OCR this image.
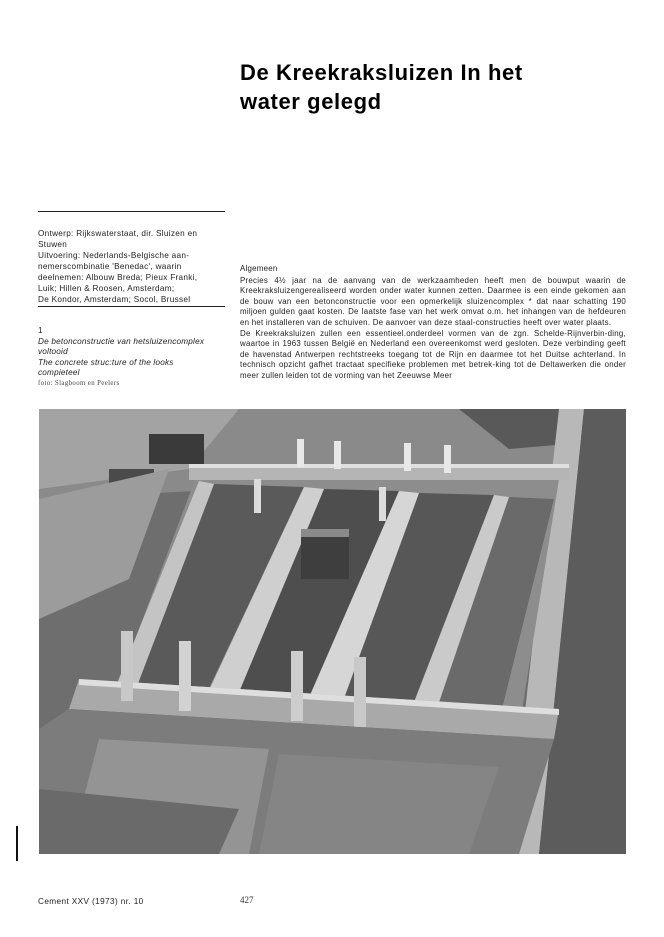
De Kreekraksluizen In het
water gelegd
Ontwerp: Rijkswaterstaat, dir. Sluizen en
Stuwen
Uitvoering: Nederlands-Belgische aan-
nemerscombinatie 'Benedac', waarin
deelnemen: Albouw Breda; Pieux Franki,
Luik; Hillen & Roosen, Amsterdam;
De Kondor, Amsterdam; Socol, Brussel
1
De betonconstructie van hetsluizencomplex voltooid
The concrete struc:ture of the looks compieteel
foto: Slagboom en Peelers

Algemeen

Precies 4½ jaar na de aanvang van de werkzaamheden heeft men de bouwput waarin de Kreekraksluizengerealiseerd worden onder water kunnen zetten. Daarmee is een einde gekomen aan de bouw van een betonconstructie voor een opmerkelijk sluizencomplex * dat naar schatting 190 miljoen gulden gaat kosten. De laatste fase van het werk omvat o.m. het inhangen van de hefdeuren en het installeren van de schuiven. De aanvoer van deze staal-constructies heeft over water plaats.

De Kreekraksluizen zullen een essentieel.onderdeel vormen van de zgn. Schelde-Rijnverbin-ding, waartoe in 1963 tussen België en Nederland een overeenkomst werd gesloten. Deze verbinding geeft de havenstad Antwerpen rechtstreeks toegang tot de Rijn en daarmee tot het Duitse achterland. In technisch opzicht gafhet tractaat specifieke problemen met betrek-king tot de Deltawerken die onder meer zullen leiden tot de vorming van het Zeeuwse Meer

Cement XXV (1973) nr. 10	427
